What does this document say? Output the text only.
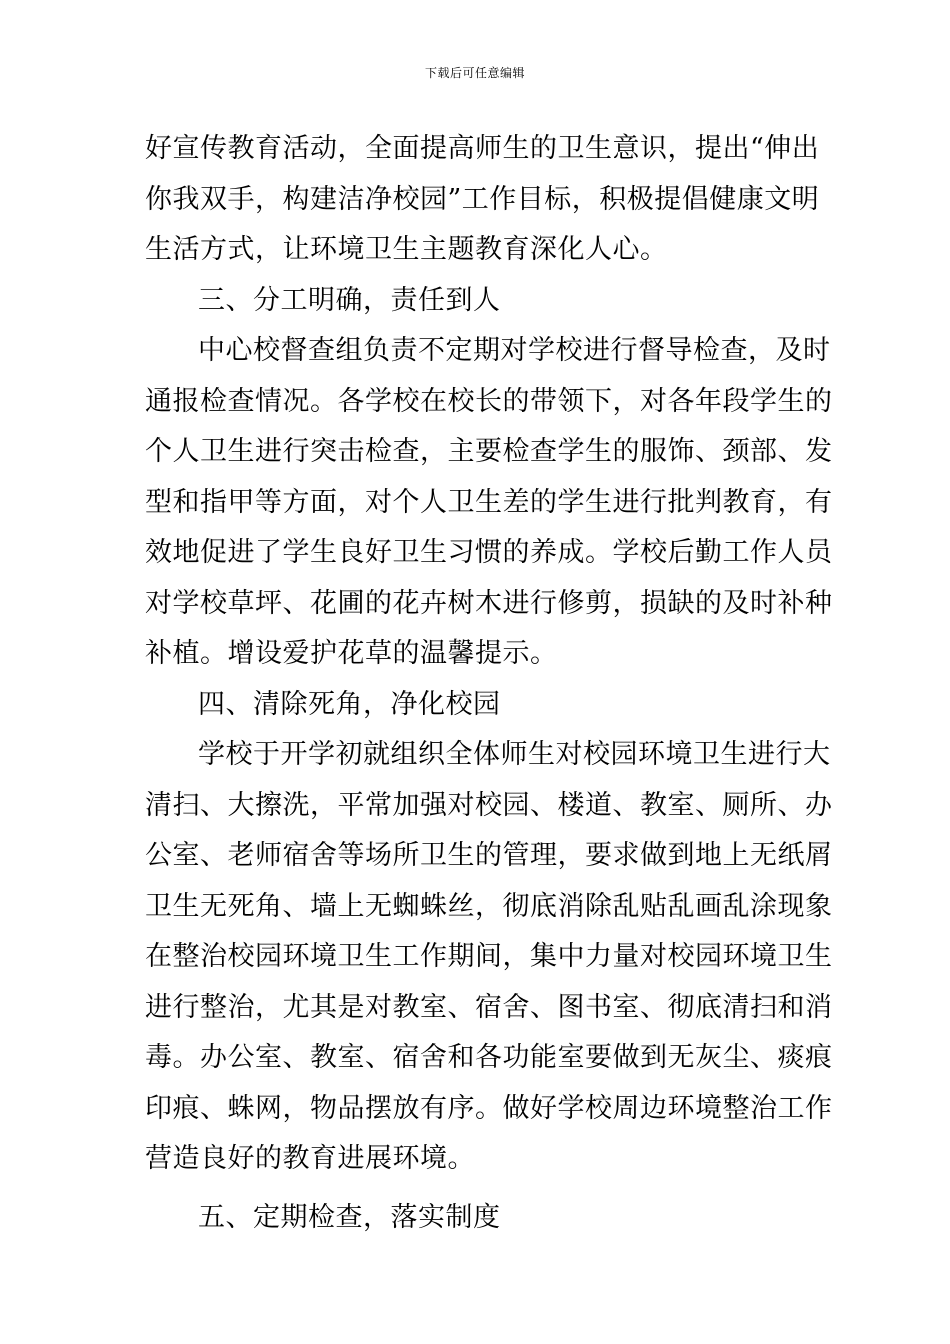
下载后可任意编辑
好宣传教育活动，全面提高师生的卫生意识，提出“伸出
你我双手，构建洁净校园”工作目标，积极提倡健康文明
生活方式，让环境卫生主题教育深化人心。
三、分工明确，责任到人
中心校督查组负责不定期对学校进行督导检查，及时
通报检查情况。各学校在校长的带领下，对各年段学生的
个人卫生进行突击检查，主要检查学生的服饰、颈部、发
型和指甲等方面，对个人卫生差的学生进行批判教育，有
效地促进了学生良好卫生习惯的养成。学校后勤工作人员
对学校草坪、花圃的花卉树木进行修剪，损缺的及时补种
补植。增设爱护花草的温馨提示。
四、清除死角，净化校园
学校于开学初就组织全体师生对校园环境卫生进行大
清扫、大擦洗，平常加强对校园、楼道、教室、厕所、办
公室、老师宿舍等场所卫生的管理，要求做到地上无纸屑
卫生无死角、墙上无蜘蛛丝，彻底消除乱贴乱画乱涂现象
在整治校园环境卫生工作期间，集中力量对校园环境卫生
进行整治，尤其是对教室、宿舍、图书室、彻底清扫和消
毒。办公室、教室、宿舍和各功能室要做到无灰尘、痰痕
印痕、蛛网，物品摆放有序。做好学校周边环境整治工作
营造良好的教育进展环境。
五、定期检查，落实制度
